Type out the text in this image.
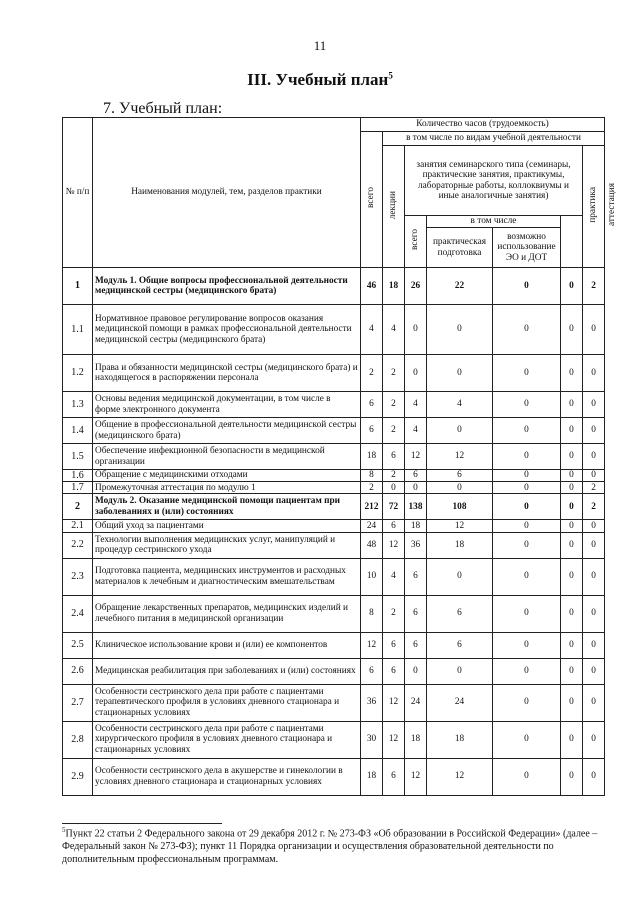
11
III. Учебный план$^5$
7. Учебный план:
№ п/п	Наименования модулей, тем, разделов практики	Количество часов (трудоемкость)							
		всего	в том числе по видам учебной деятельности						
			лекции	занятия семинарского типа (семинары, практические занятия, практикумы, лабораторные работы, коллоквиумы и иные аналогичные занятия)				практика	аттестация
				всего	в том числе				
					практическая подготовка	возможно использование ЭО и ДОТ			
1	Модуль 1. Общие вопросы профессиональной деятельности медицинской сестры (медицинского брата)	46	18	26	22	0	0	2	
1.1	Нормативное правовое регулирование вопросов оказания медицинской помощи в рамках профессиональной деятельности медицинской сестры (медицинского брата)	4	4	0	0	0	0	0	
1.2	Права и обязанности медицинской сестры (медицинского брата) и находящегося в распоряжении персонала	2	2	0	0	0	0	0	
1.3	Основы ведения медицинской документации, в том числе в форме электронного документа	6	2	4	4	0	0	0	
1.4	Общение в профессиональной деятельности медицинской сестры (медицинского брата)	6	2	4	0	0	0	0	
1.5	Обеспечение инфекционной безопасности в медицинской организации	18	6	12	12	0	0	0	
1.6	Обращение с медицинскими отходами	8	2	6	6	0	0	0	
1.7	Промежуточная аттестация по модулю 1	2	0	0	0	0	0	2	
2	Модуль 2. Оказание медицинской помощи пациентам при заболеваниях и (или) состояниях	212	72	138	108	0	0	2	
2.1	Общий уход за пациентами	24	6	18	12	0	0	0	
2.2	Технологии выполнения медицинских услуг, манипуляций и процедур сестринского ухода	48	12	36	18	0	0	0	
2.3	Подготовка пациента, медицинских инструментов и расходных материалов к лечебным и диагностическим вмешательствам	10	4	6	0	0	0	0	
2.4	Обращение лекарственных препаратов, медицинских изделий и лечебного питания в медицинской организации	8	2	6	6	0	0	0	
2.5	Клиническое использование крови и (или) ее компонентов	12	6	6	6	0	0	0	
2.6	Медицинская реабилитация при заболеваниях и (или) состояниях	6	6	0	0	0	0	0	
2.7	Особенности сестринского дела при работе с пациентами терапевтического профиля в условиях дневного стационара и стационарных условиях	36	12	24	24	0	0	0	
2.8	Особенности сестринского дела при работе с пациентами хирургического профиля в условиях дневного стационара и стационарных условиях	30	12	18	18	0	0	0	
2.9	Особенности сестринского дела в акушерстве и гинекологии в условиях дневного стационара и стационарных условиях	18	6	12	12	0	0	0	
$^5$Пункт 22 статьи 2 Федерального закона от 29 декабря 2012 г. № 273-ФЗ «Об образовании в Российской Федерации» (далее – Федеральный закон № 273-ФЗ); пункт 11 Порядка организации и осуществления образовательной деятельности по дополнительным профессиональным программам.
